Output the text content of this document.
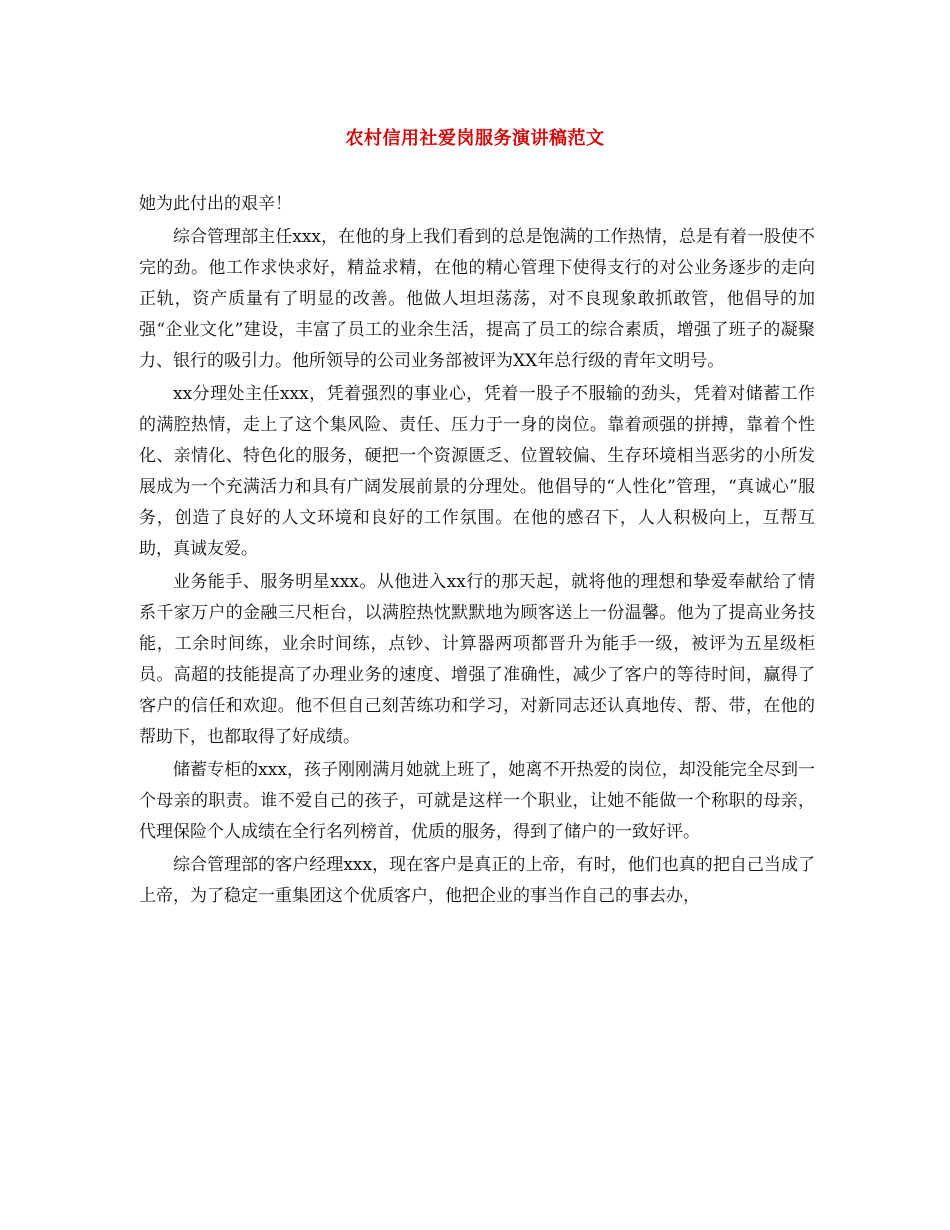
农村信用社爱岗服务演讲稿范文

她为此付出的艰辛！

综合管理部主任xxx，在他的身上我们看到的总是饱满的工作热情，总是有着一股使不完的劲。他工作求快求好，精益求精，在他的精心管理下使得支行的对公业务逐步的走向正轨，资产质量有了明显的改善。他做人坦坦荡荡，对不良现象敢抓敢管，他倡导的加强“企业文化”建设，丰富了员工的业余生活，提高了员工的综合素质，增强了班子的凝聚力、银行的吸引力。他所领导的公司业务部被评为XX年总行级的青年文明号。

xx分理处主任xxx，凭着强烈的事业心，凭着一股子不服输的劲头，凭着对储蓄工作的满腔热情，走上了这个集风险、责任、压力于一身的岗位。靠着顽强的拼搏，靠着个性化、亲情化、特色化的服务，硬把一个资源匮乏、位置较偏、生存环境相当恶劣的小所发展成为一个充满活力和具有广阔发展前景的分理处。他倡导的“人性化”管理，“真诚心”服务，创造了良好的人文环境和良好的工作氛围。在他的感召下，人人积极向上，互帮互助，真诚友爱。

业务能手、服务明星xxx。从他进入xx行的那天起，就将他的理想和挚爱奉献给了情系千家万户的金融三尺柜台，以满腔热忱默默地为顾客送上一份温馨。他为了提高业务技能，工余时间练，业余时间练，点钞、计算器两项都晋升为能手一级，被评为五星级柜员。高超的技能提高了办理业务的速度、增强了准确性，减少了客户的等待时间，赢得了客户的信任和欢迎。他不但自己刻苦练功和学习，对新同志还认真地传、帮、带，在他的帮助下，也都取得了好成绩。

储蓄专柜的xxx，孩子刚刚满月她就上班了，她离不开热爱的岗位，却没能完全尽到一个母亲的职责。谁不爱自己的孩子，可就是这样一个职业，让她不能做一个称职的母亲，代理保险个人成绩在全行名列榜首，优质的服务，得到了储户的一致好评。

综合管理部的客户经理xxx，现在客户是真正的上帝，有时，他们也真的把自己当成了上帝，为了稳定一重集团这个优质客户，他把企业的事当作自己的事去办，
